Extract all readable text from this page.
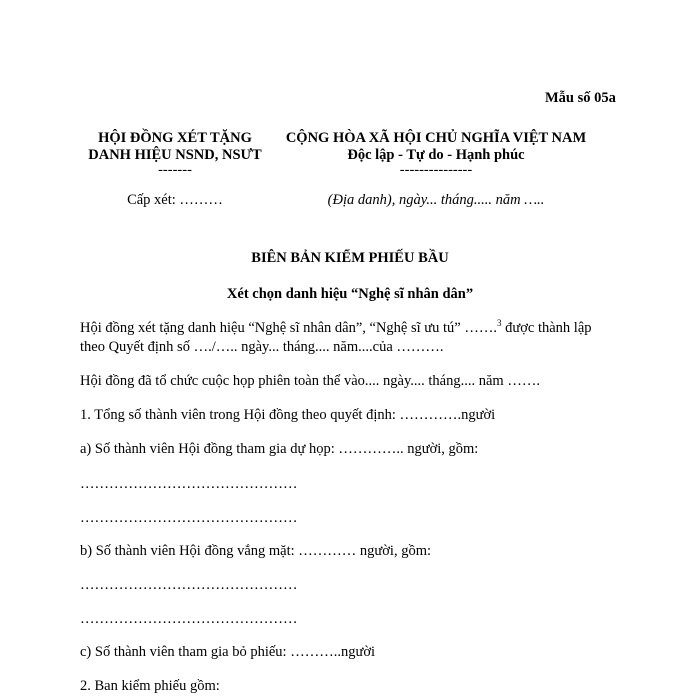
Mẫu số 05a
HỘI ĐỒNG XÉT TẶNG
DANH HIỆU NSND, NSƯT
-------
Cấp xét: ………
CỘNG HÒA XÃ HỘI CHỦ NGHĨA VIỆT NAM
Độc lập - Tự do - Hạnh phúc
---------------
(Địa danh), ngày... tháng..... năm …..
BIÊN BẢN KIỂM PHIẾU BẦU
Xét chọn danh hiệu “Nghệ sĩ nhân dân”
Hội đồng xét tặng danh hiệu “Nghệ sĩ nhân dân”, “Nghệ sĩ ưu tú” …….$^3$ được thành lập
theo Quyết định số …./….. ngày... tháng.... năm....của ……….
Hội đồng đã tổ chức cuộc họp phiên toàn thể vào.... ngày.... tháng.... năm …….
1. Tổng số thành viên trong Hội đồng theo quyết định: ………….người
a) Số thành viên Hội đồng tham gia dự họp: ………….. người, gồm:
………………………………………
………………………………………
b) Số thành viên Hội đồng vắng mặt: ………… người, gồm:
………………………………………
………………………………………
c) Số thành viên tham gia bỏ phiếu: ………..người
2. Ban kiểm phiếu gồm:
